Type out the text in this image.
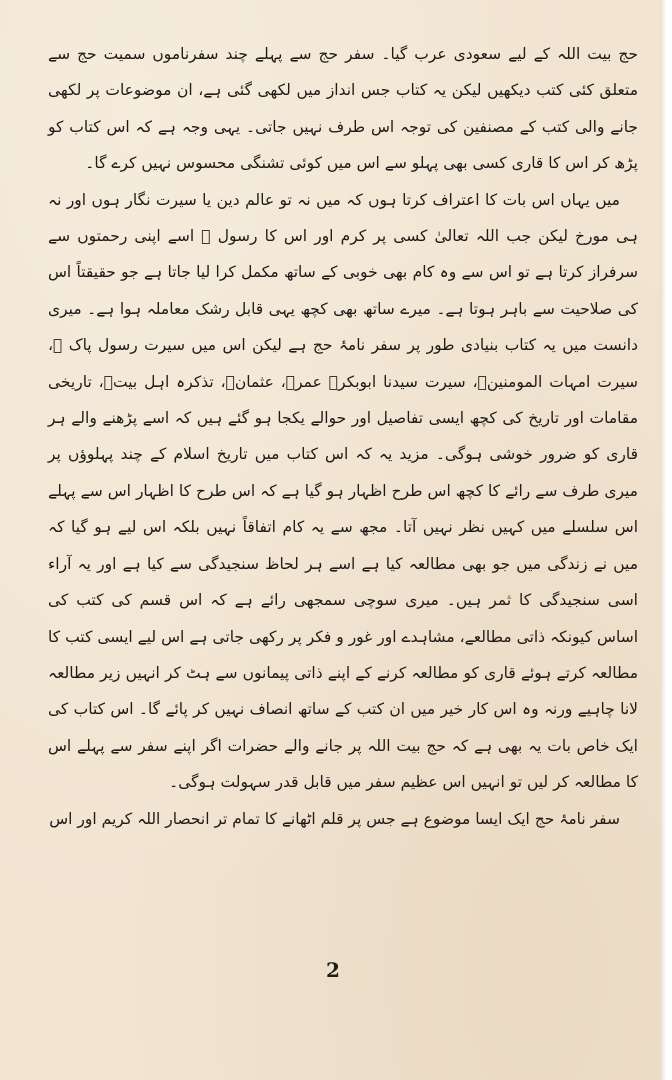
حج بیت اللہ کے لیے سعودی عرب گیا۔ سفر حج سے پہلے چند سفرناموں سمیت حج سے متعلق کئی کتب دیکھیں لیکن یہ کتاب جس انداز میں لکھی گئی ہے، ان موضوعات پر لکھی جانے والی کتب کے مصنفین کی توجہ اس طرف نہیں جاتی۔ یہی وجہ ہے کہ اس کتاب کو پڑھ کر اس کا قاری کسی بھی پہلو سے اس میں کوئی تشنگی محسوس نہیں کرے گا۔

میں یہاں اس بات کا اعتراف کرتا ہوں کہ میں نہ تو عالم دین یا سیرت نگار ہوں اور نہ ہی مورخ لیکن جب اللہ تعالیٰ کسی پر کرم اور اس کا رسول ﷺ اسے اپنی رحمتوں سے سرفراز کرتا ہے تو اس سے وہ کام بھی خوبی کے ساتھ مکمل کرا لیا جاتا ہے جو حقیقتاً اس کی صلاحیت سے باہر ہوتا ہے۔ میرے ساتھ بھی کچھ یہی قابل رشک معاملہ ہوا ہے۔ میری دانست میں یہ کتاب بنیادی طور پر سفر نامۂ حج ہے لیکن اس میں سیرت رسول پاک ﷺ، سیرت امہات المومنینؓ، سیرت سیدنا ابوبکرؓ عمرؓ، عثمانؓ، تذکرہ اہل بیتؓ، تاریخی مقامات اور تاریخ کی کچھ ایسی تفاصیل اور حوالے یکجا ہو گئے ہیں کہ اسے پڑھنے والے ہر قاری کو ضرور خوشی ہوگی۔ مزید یہ کہ اس کتاب میں تاریخ اسلام کے چند پہلوؤں پر میری طرف سے رائے کا کچھ اس طرح اظہار ہو گیا ہے کہ اس طرح کا اظہار اس سے پہلے اس سلسلے میں کہیں نظر نہیں آتا۔ مجھ سے یہ کام اتفاقاً نہیں بلکہ اس لیے ہو گیا کہ میں نے زندگی میں جو بھی مطالعہ کیا ہے اسے ہر لحاظ سنجیدگی سے کیا ہے اور یہ آراء اسی سنجیدگی کا ثمر ہیں۔ میری سوچی سمجھی رائے ہے کہ اس قسم کی کتب کی اساس کیونکہ ذاتی مطالعے، مشاہدے اور غور و فکر پر رکھی جاتی ہے اس لیے ایسی کتب کا مطالعہ کرتے ہوئے قاری کو مطالعہ کرنے کے اپنے ذاتی پیمانوں سے ہٹ کر انہیں زیر مطالعہ لانا چاہیے ورنہ وہ اس کار خیر میں ان کتب کے ساتھ انصاف نہیں کر پائے گا۔ اس کتاب کی ایک خاص بات یہ بھی ہے کہ حج بیت اللہ پر جانے والے حضرات اگر اپنے سفر سے پہلے اس کا مطالعہ کر لیں تو انہیں اس عظیم سفر میں قابل قدر سہولت ہوگی۔

سفر نامۂ حج ایک ایسا موضوع ہے جس پر قلم اٹھانے کا تمام تر انحصار اللہ کریم اور اس

2
